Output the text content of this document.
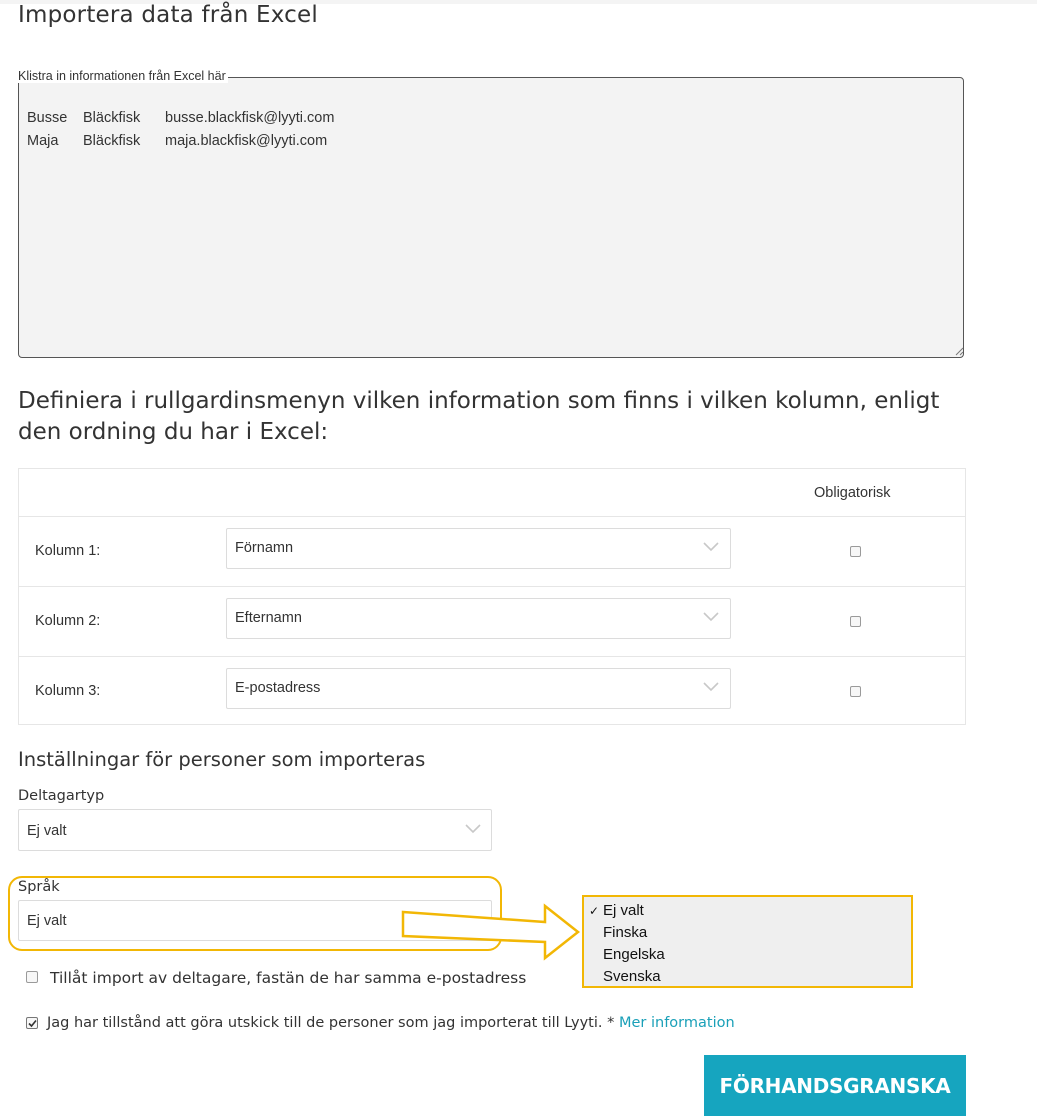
Importera data från Excel
Klistra in informationen från Excel här
Busse Bläckfisk busse.blackfisk@lyyti.com
Maja Bläckfisk maja.blackfisk@lyyti.com
Definiera i rullgardinsmenyn vilken information som finns i vilken kolumn, enligt den ordning du har i Excel:
Obligatorisk
Kolumn 1:	Förnamn
Kolumn 2:	Efternamn
Kolumn 3:	E-postadress
Inställningar för personer som importeras
Deltagartyp
Ej valt
Språk
Ej valt
✓ Ej valt
Finska
Engelska
Svenska
Tillåt import av deltagare, fastän de har samma e-postadress
Jag har tillstånd att göra utskick till de personer som jag importerat till Lyyti. * Mer information
FÖRHANDSGRANSKA
